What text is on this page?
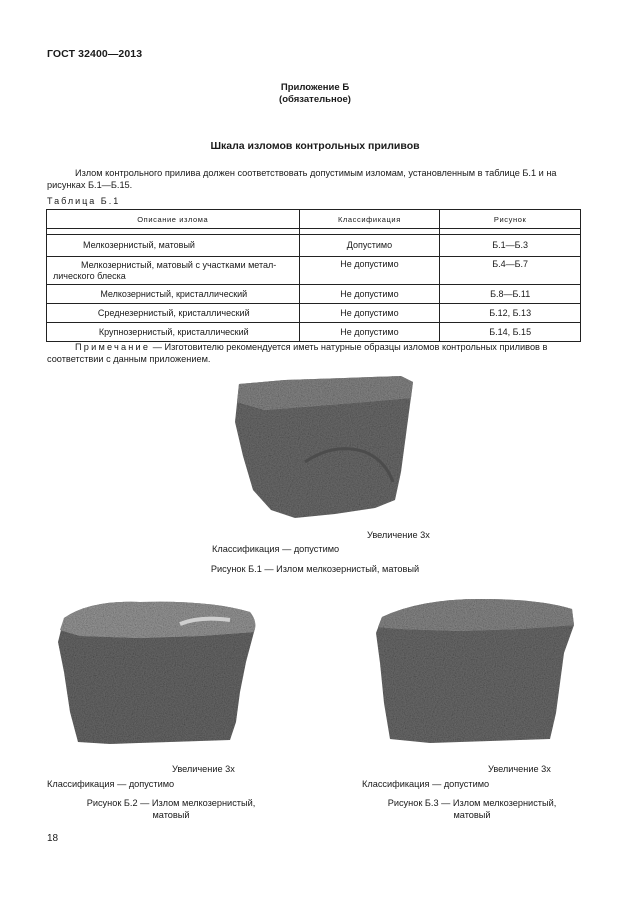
ГОСТ 32400—2013
Приложение Б
(обязательное)
Шкала изломов контрольных приливов
Излом контрольного прилива должен соответствовать допустимым изломам, установленным в таблице Б.1 и на рисунках Б.1—Б.15.
Таблица Б.1
Описание излома	Классификация	Рисунок

Мелкозернистый, матовый	Допустимо	Б.1—Б.3
Мелкозернистый, матовый с участками метал-
лического блеска	Не допустимо	Б.4—Б.7
Мелкозернистый, кристаллический	Не допустимо	Б.8—Б.11
Среднезернистый, кристаллический	Не допустимо	Б.12, Б.13
Крупнозернистый, кристаллический	Не допустимо	Б.14, Б.15
Примечание — Изготовителю рекомендуется иметь натурные образцы изломов контрольных приливов в соответствии с данным приложением.
Увеличение 3х
Классификация — допустимо
Рисунок Б.1 — Излом мелкозернистый, матовый
Увеличение 3х
Классификация — допустимо
Рисунок Б.2 — Излом мелкозернистый,
матовый
Увеличение 3х
Классификация — допустимо
Рисунок Б.3 — Излом мелкозернистый,
матовый
18
